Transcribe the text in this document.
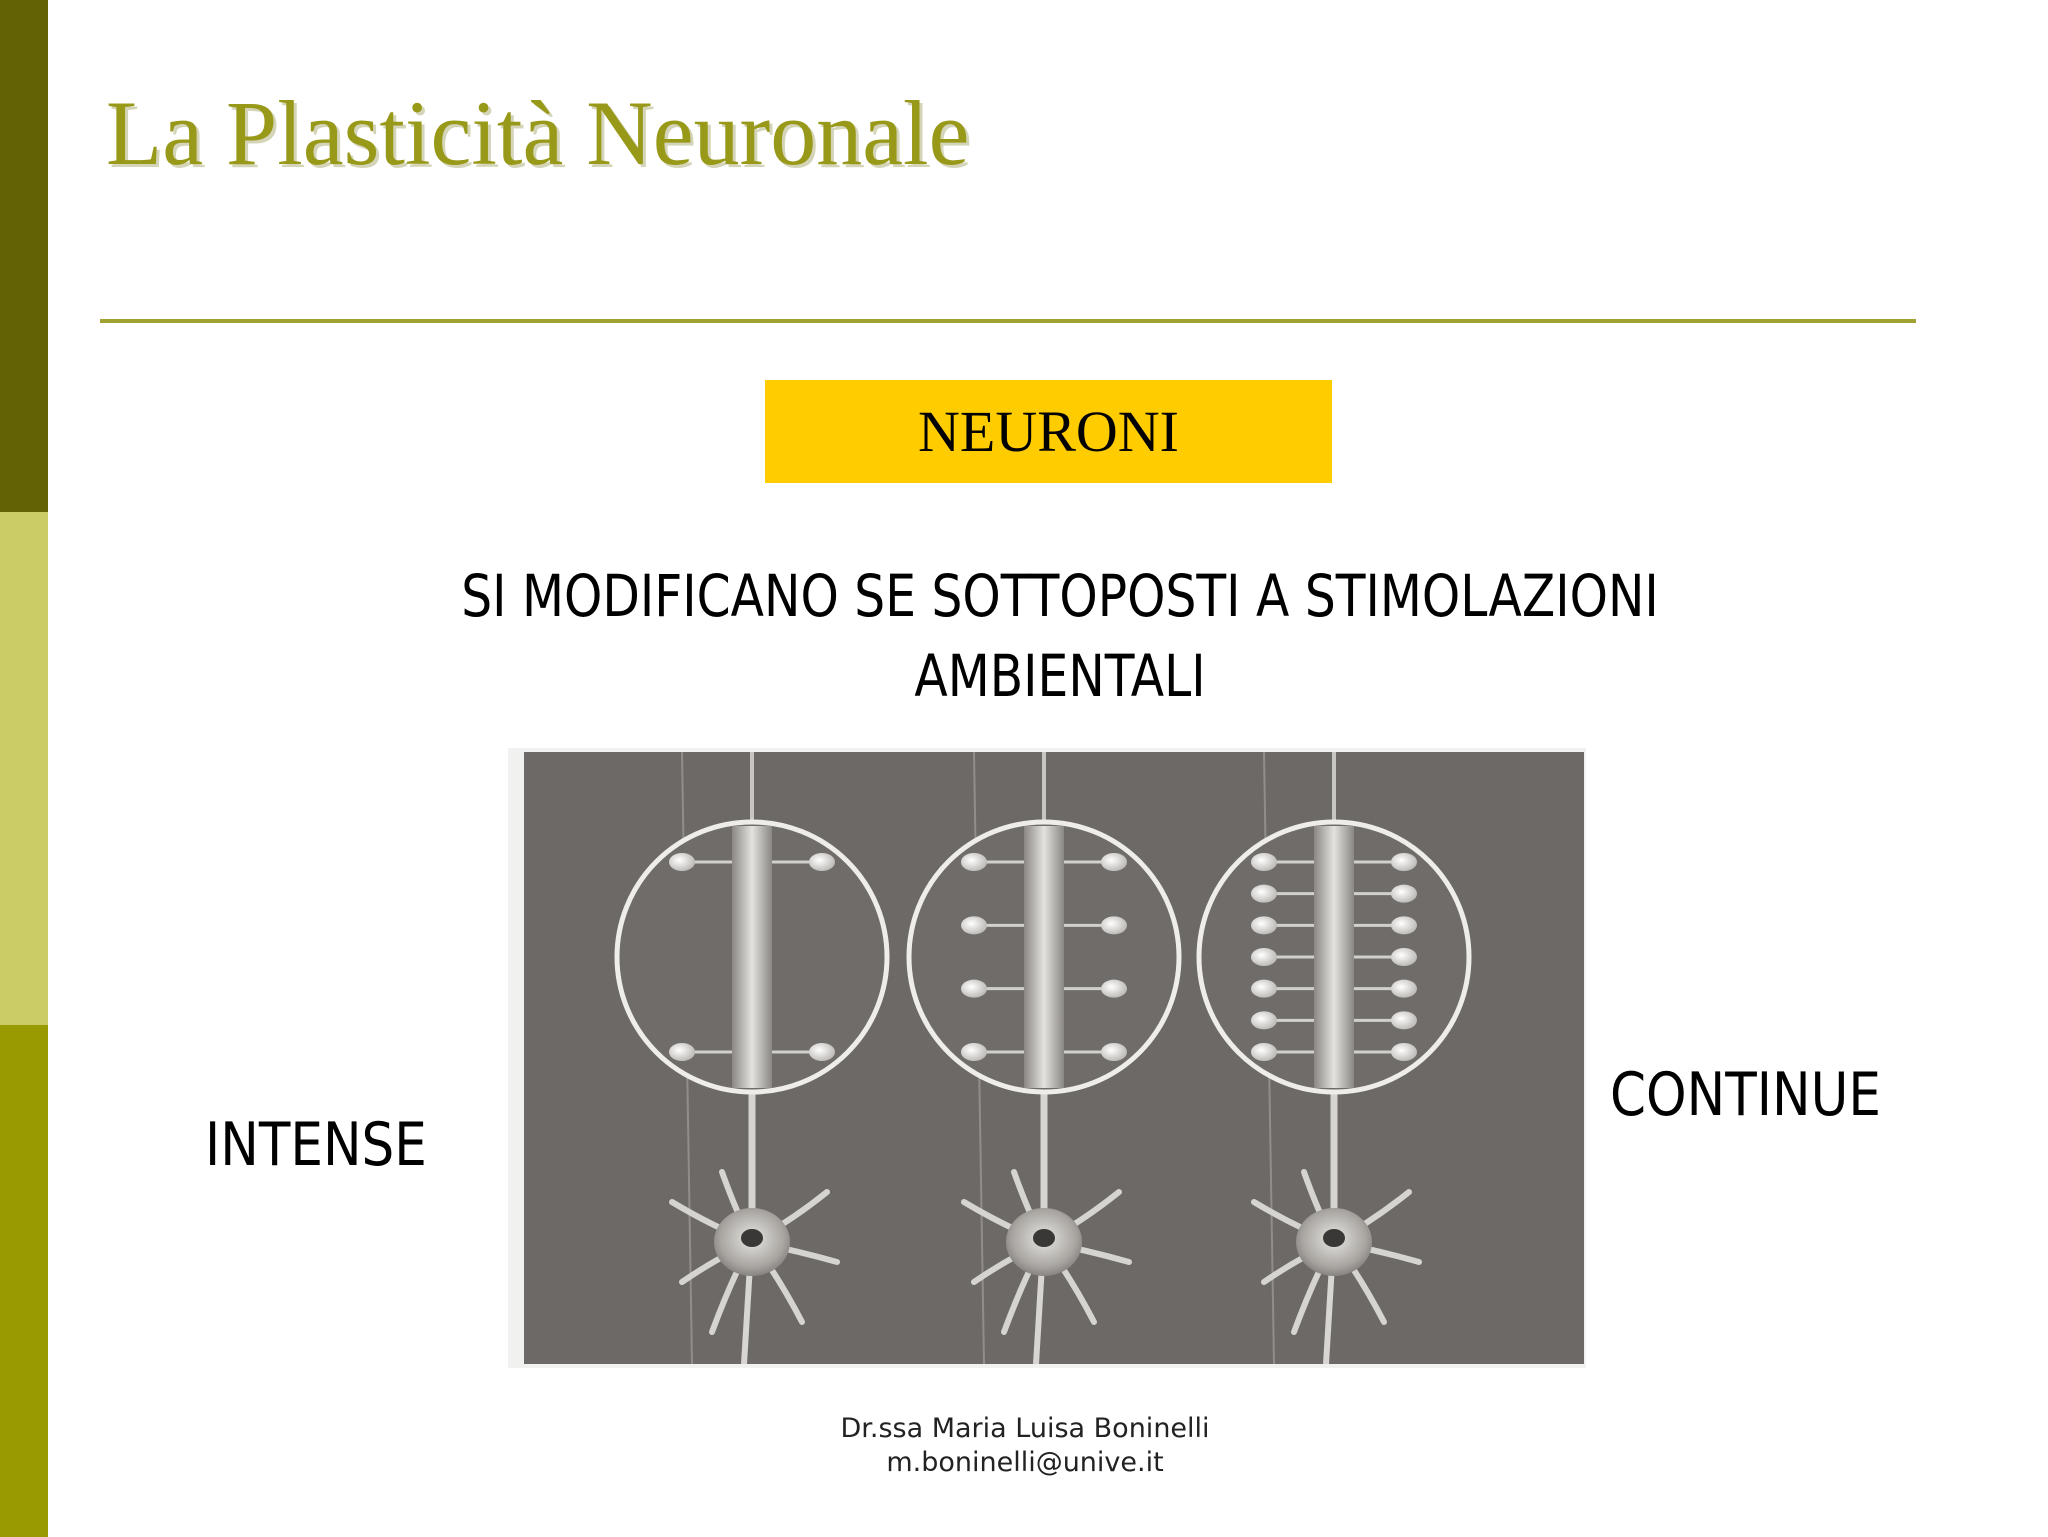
La Plasticità Neuronale
NEURONI
SI MODIFICANO SE SOTTOPOSTI A STIMOLAZIONI
AMBIENTALI
INTENSE
CONTINUE
Dr.ssa Maria Luisa Boninelli
m.boninelli@unive.it
